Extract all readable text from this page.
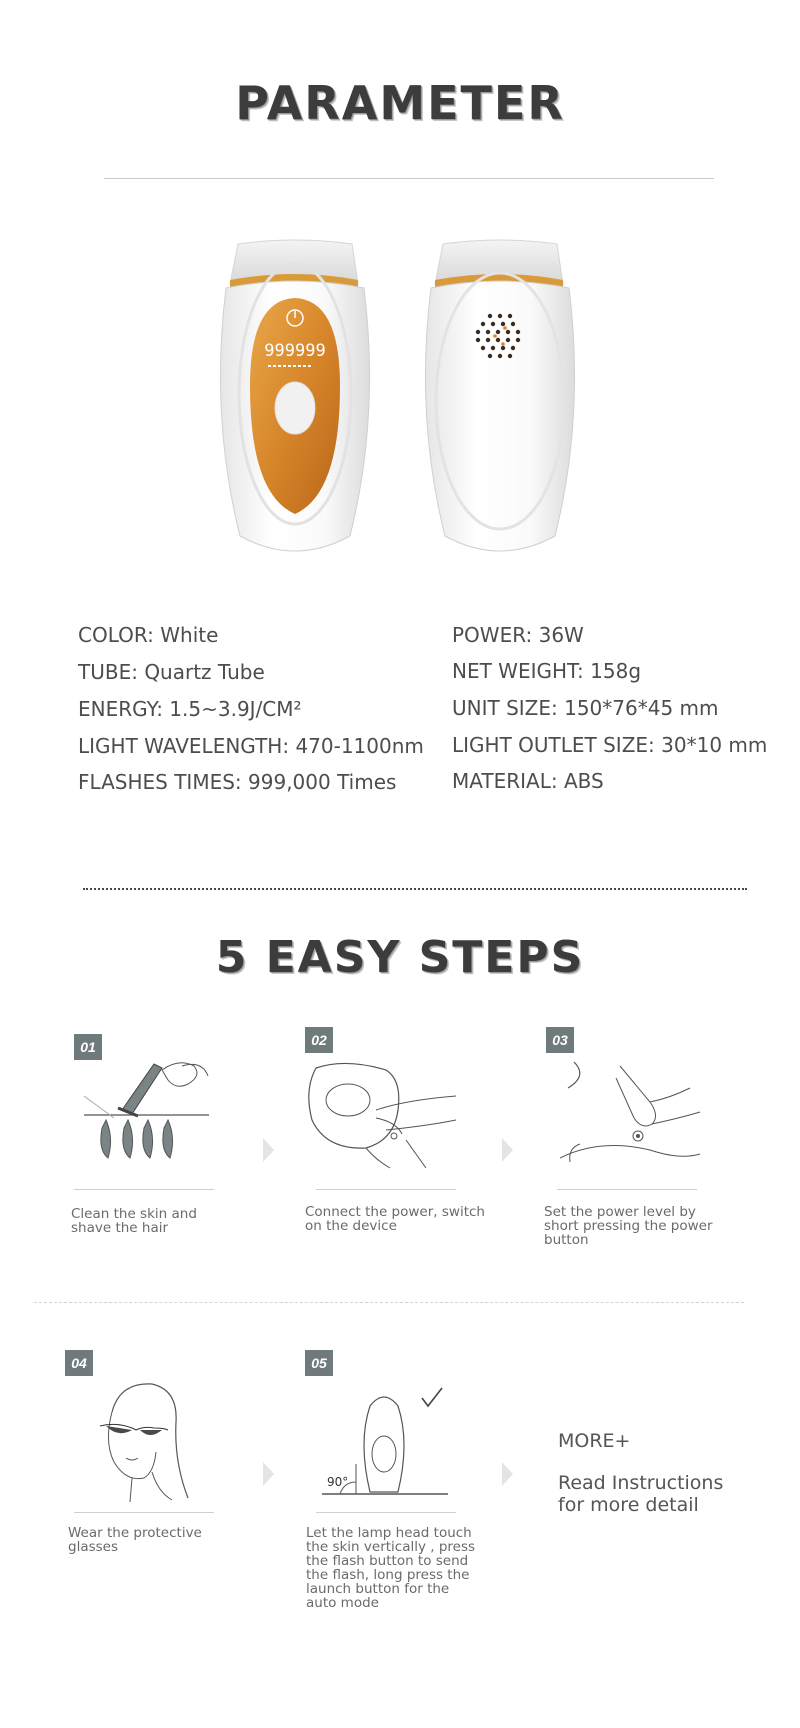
PARAMETER
999999
COLOR: White
TUBE: Quartz Tube
ENERGY: 1.5~3.9J/CM²
LIGHT WAVELENGTH: 470-1100nm
FLASHES TIMES: 999,000 Times
POWER: 36W
NET WEIGHT: 158g
UNIT SIZE: 150*76*45 mm
LIGHT OUTLET SIZE: 30*10 mm
MATERIAL: ABS
5 EASY STEPS
01
Clean the skin and shave the hair
02
Connect the power, switch on the device
03
Set the power level by short pressing the power button
04
Wear the protective glasses
05
90°
Let the lamp head touch the skin vertically , press the flash button to send the flash, long press the launch button for the auto mode
MORE+
Read Instructions
for more detail
